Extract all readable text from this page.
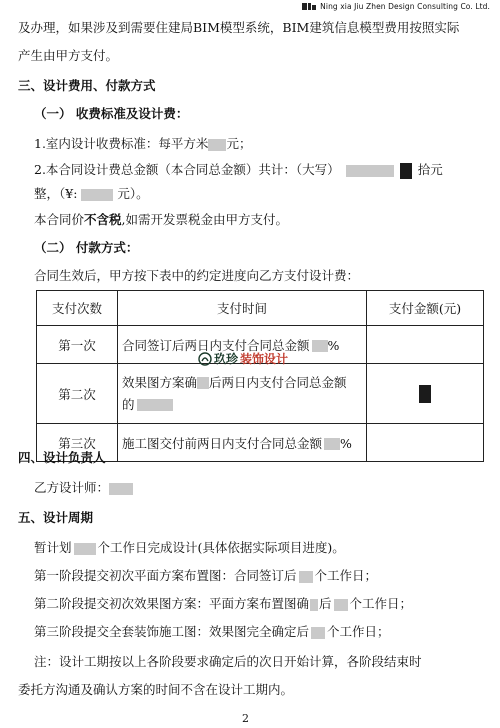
Ning xia Jiu Zhen Design Consulting Co. Ltd.
及办理，如果涉及到需要住建局BIM模型系统，BIM建筑信息模型费用按照实际
产生由甲方支付。
三、设计费用、付款方式
（一） 收费标准及设计费：
1.室内设计收费标准：每平方米 元；
2.本合同设计费总金额（本合同总金额）共计：（大写）	拾元
整，（¥:	元）。
本合同价不含税,如需开发票税金由甲方支付。
（二） 付款方式：
合同生效后，甲方按下表中的约定进度向乙方支付设计费：
支付次数	支付时间	支付金额(元)
第一次	合同签订后两日内支付合同总金额 %	
第二次	效果图方案确 后两日内支付合同总金额
的	

第三次	施工图交付前两日内支付合同总金额 %	
玖珍 装饰设计
四、设计负责人
乙方设计师：
五、设计周期
暂计划 个工作日完成设计(具体依据实际项目进度)。
第一阶段提交初次平面方案布置图：合同签订后 个工作日；
第二阶段提交初次效果图方案：平面方案布置图确 后 个工作日；
第三阶段提交全套装饰施工图：效果图完全确定后 个工作日；
注：设计工期按以上各阶段要求确定后的次日开始计算，各阶段结束时
委托方沟通及确认方案的时间不含在设计工期内。
2
